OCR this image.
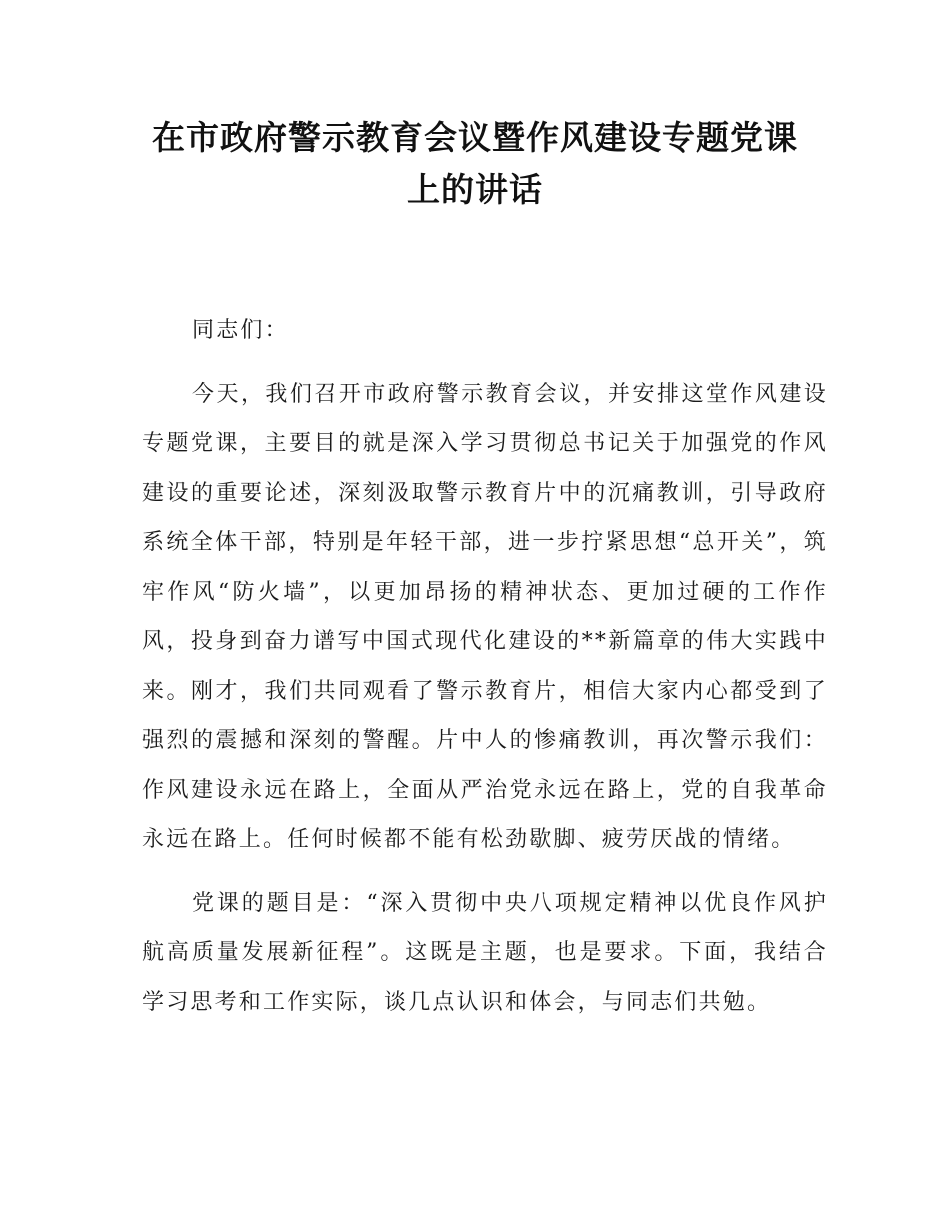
在市政府警示教育会议暨作风建设专题党课
上的讲话

同志们：

今天，我们召开市政府警示教育会议，并安排这堂作风建设专题党课，主要目的就是深入学习贯彻总书记关于加强党的作风建设的重要论述，深刻汲取警示教育片中的沉痛教训，引导政府系统全体干部，特别是年轻干部，进一步拧紧思想“总开关”，筑牢作风“防火墙”，以更加昂扬的精神状态、更加过硬的工作作风，投身到奋力谱写中国式现代化建设的**新篇章的伟大实践中来。刚才，我们共同观看了警示教育片，相信大家内心都受到了强烈的震撼和深刻的警醒。片中人的惨痛教训，再次警示我们：作风建设永远在路上，全面从严治党永远在路上，党的自我革命永远在路上。任何时候都不能有松劲歇脚、疲劳厌战的情绪。

党课的题目是：“深入贯彻中央八项规定精神以优良作风护航高质量发展新征程”。这既是主题，也是要求。下面，我结合学习思考和工作实际，谈几点认识和体会，与同志们共勉。
